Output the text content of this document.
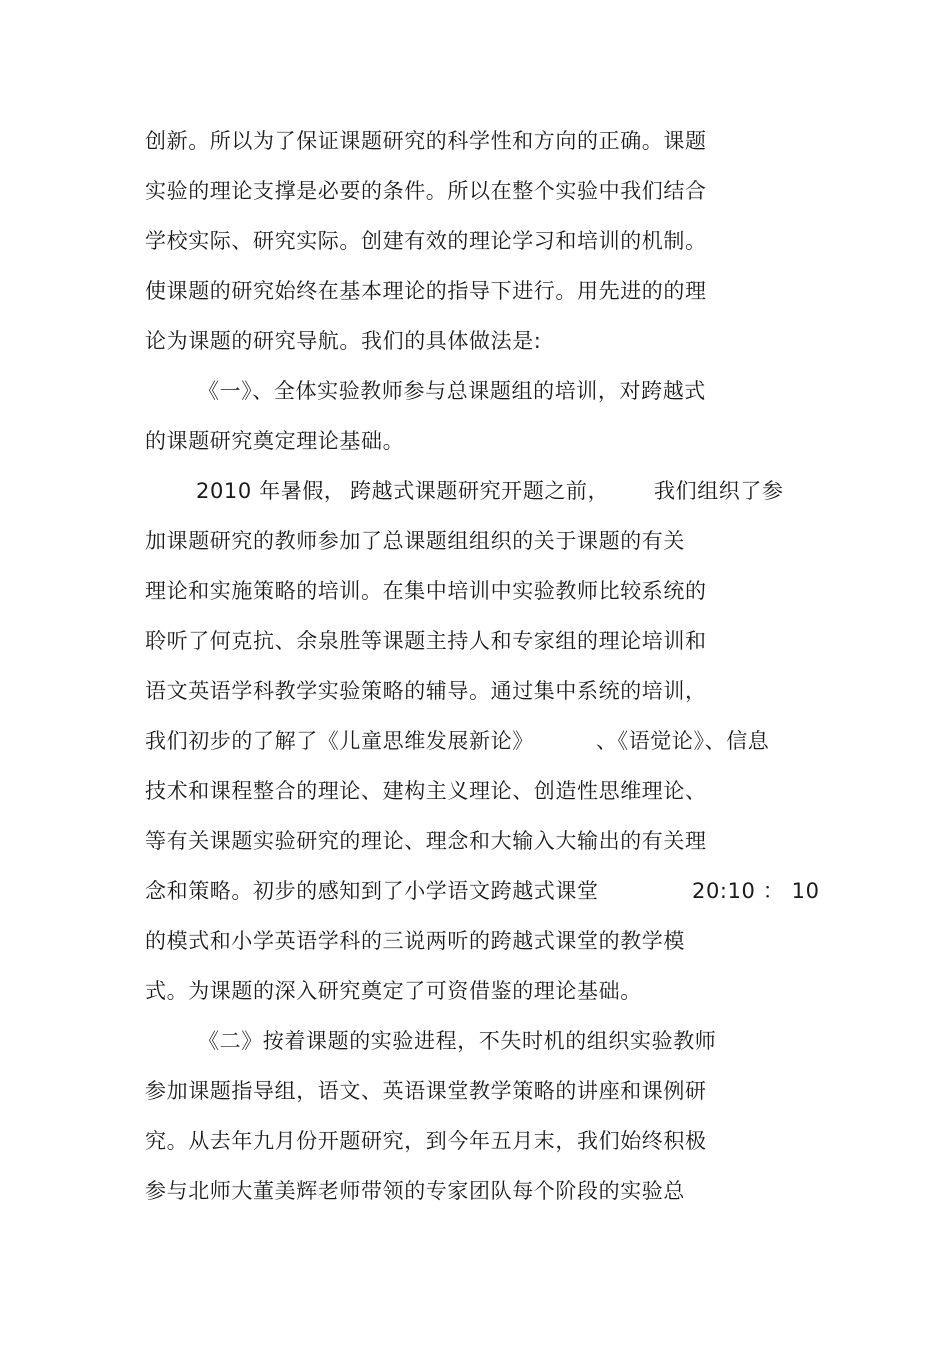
创新。所以为了保证课题研究的科学性和方向的正确。课题
实验的理论支撑是必要的条件。所以在整个实验中我们结合
学校实际、研究实际。创建有效的理论学习和培训的机制。
使课题的研究始终在基本理论的指导下进行。用先进的的理
论为课题的研究导航。我们的具体做法是:
《一》、全体实验教师参与总课题组的培训，对跨越式
的课题研究奠定理论基础。
2010 年暑假， 跨越式课题研究开题之前， 我们组织了参
加课题研究的教师参加了总课题组组织的关于课题的有关
理论和实施策略的培训。在集中培训中实验教师比较系统的
聆听了何克抗、余泉胜等课题主持人和专家组的理论培训和
语文英语学科教学实验策略的辅导。通过集中系统的培训，
我们初步的了解了《儿童思维发展新论》	、《语觉论》、信息
技术和课程整合的理论、建构主义理论、创造性思维理论、
等有关课题实验研究的理论、理念和大输入大输出的有关理
念和策略。初步的感知到了小学语文跨越式课堂	20:10 ： 10
的模式和小学英语学科的三说两听的跨越式课堂的教学模
式。为课题的深入研究奠定了可资借鉴的理论基础。
《二》按着课题的实验进程，不失时机的组织实验教师
参加课题指导组，语文、英语课堂教学策略的讲座和课例研
究。从去年九月份开题研究，到今年五月末，我们始终积极
参与北师大董美辉老师带领的专家团队每个阶段的实验总
